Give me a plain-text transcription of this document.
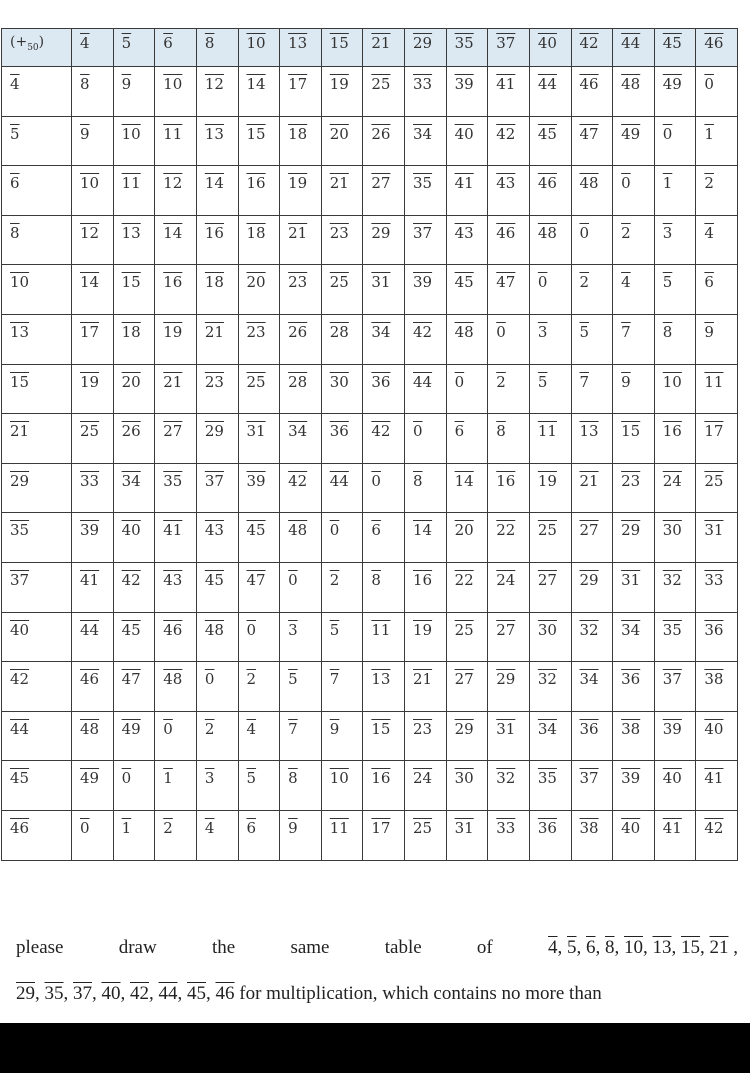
$(+_{50})$	4	5	6	8	10	13	15	21	29	35	37	40	42	44	45	46
4	8	9	10	12	14	17	19	25	33	39	41	44	46	48	49	0
5	9	10	11	13	15	18	20	26	34	40	42	45	47	49	0	1
6	10	11	12	14	16	19	21	27	35	41	43	46	48	0	1	2
8	12	13	14	16	18	21	23	29	37	43	46	48	0	2	3	4
10	14	15	16	18	20	23	25	31	39	45	47	0	2	4	5	6
13	17	18	19	21	23	26	28	34	42	48	0	3	5	7	8	9
15	19	20	21	23	25	28	30	36	44	0	2	5	7	9	10	11
21	25	26	27	29	31	34	36	42	0	6	8	11	13	15	16	17
29	33	34	35	37	39	42	44	0	8	14	16	19	21	23	24	25
35	39	40	41	43	45	48	0	6	14	20	22	25	27	29	30	31
37	41	42	43	45	47	0	2	8	16	22	24	27	29	31	32	33
40	44	45	46	48	0	3	5	11	19	25	27	30	32	34	35	36
42	46	47	48	0	2	5	7	13	21	27	29	32	34	36	37	38
44	48	49	0	2	4	7	9	15	23	29	31	34	36	38	39	40
45	49	0	1	3	5	8	10	16	24	30	32	35	37	39	40	41
46	0	1	2	4	6	9	11	17	25	31	33	36	38	40	41	42
please	draw	the	same	table	of	4, 5, 6, 8, 10, 13, 15, 21 ,
29, 35, 37, 40, 42, 44, 45, 46 for multiplication, which contains no more than
